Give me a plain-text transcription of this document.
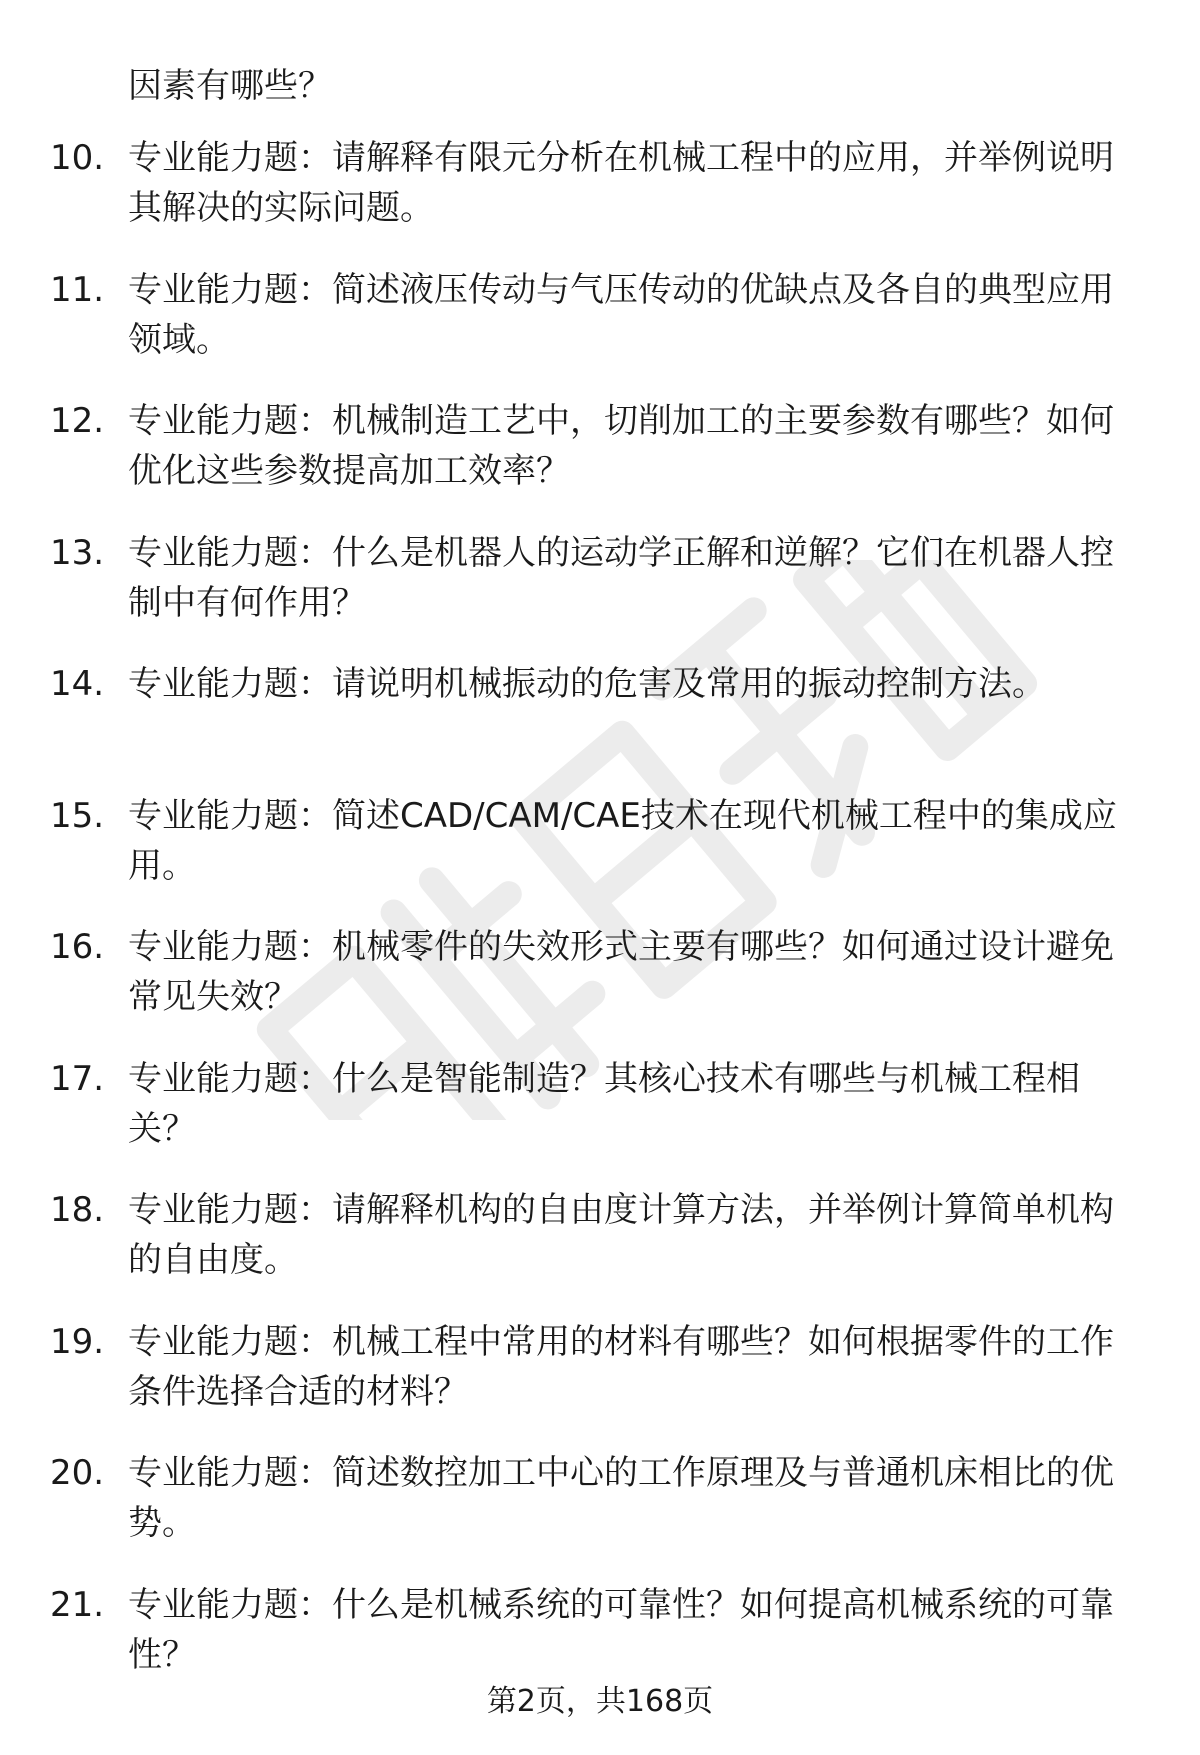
因素有哪些？
10. 专业能力题：请解释有限元分析在机械工程中的应用，并举例说明其解决的实际问题。
11. 专业能力题：简述液压传动与气压传动的优缺点及各自的典型应用领域。
12. 专业能力题：机械制造工艺中，切削加工的主要参数有哪些？如何优化这些参数提高加工效率？
13. 专业能力题：什么是机器人的运动学正解和逆解？它们在机器人控制中有何作用？
14. 专业能力题：请说明机械振动的危害及常用的振动控制方法。
15. 专业能力题：简述CAD/CAM/CAE技术在现代机械工程中的集成应用。
16. 专业能力题：机械零件的失效形式主要有哪些？如何通过设计避免常见失效？
17. 专业能力题：什么是智能制造？其核心技术有哪些与机械工程相关？
18. 专业能力题：请解释机构的自由度计算方法，并举例计算简单机构的自由度。
19. 专业能力题：机械工程中常用的材料有哪些？如何根据零件的工作条件选择合适的材料？
20. 专业能力题：简述数控加工中心的工作原理及与普通机床相比的优势。
21. 专业能力题：什么是机械系统的可靠性？如何提高机械系统的可靠性？
第2页，共168页
